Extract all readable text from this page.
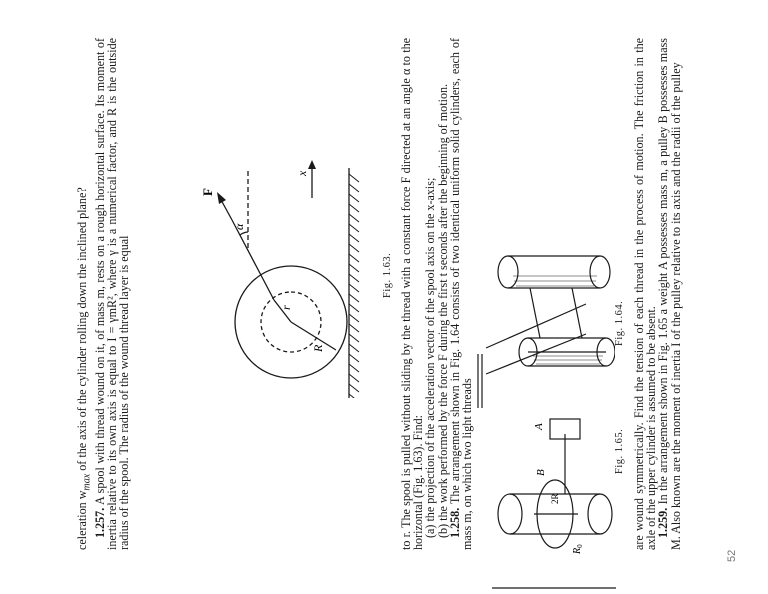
celeration $w_{max}$ of the axis of the cylinder rolling down the inclined plane?

1.257. A spool with thread wound on it, of mass m, rests on a rough horizontal surface. Its moment of inertia relative to its own axis is equal to I = γmR², where γ is a numerical factor, and R is the outside radius of the spool. The radius of the wound thread layer is equal	R
r
F
α
x
Fig. 1.63. to r. The spool is pulled without sliding by the thread with a constant force F directed at an angle α to the horizontal (Fig. 1.63). Find:

(a) the projection of the acceleration vector of the spool axis on the x-axis;

(b) the work performed by the force F during the first t seconds after the beginning of motion.

1.258. The arrangement shown in Fig. 1.64 consists of two identical uniform solid cylinders, each of mass m, on which two light threads

Fig. 1.64.
B
A
2R
$R_0$
Fig. 1.65. are wound symmetrically. Find the tension of each thread in the process of motion. The friction in the axle of the upper cylinder is assumed to be absent.

1.259. In the arrangement shown in Fig. 1.65 a weight A possesses mass m, a pulley B possesses mass M. Also known are the moment of inertia I of the pulley relative to its axis and the radii of the pulley

52
